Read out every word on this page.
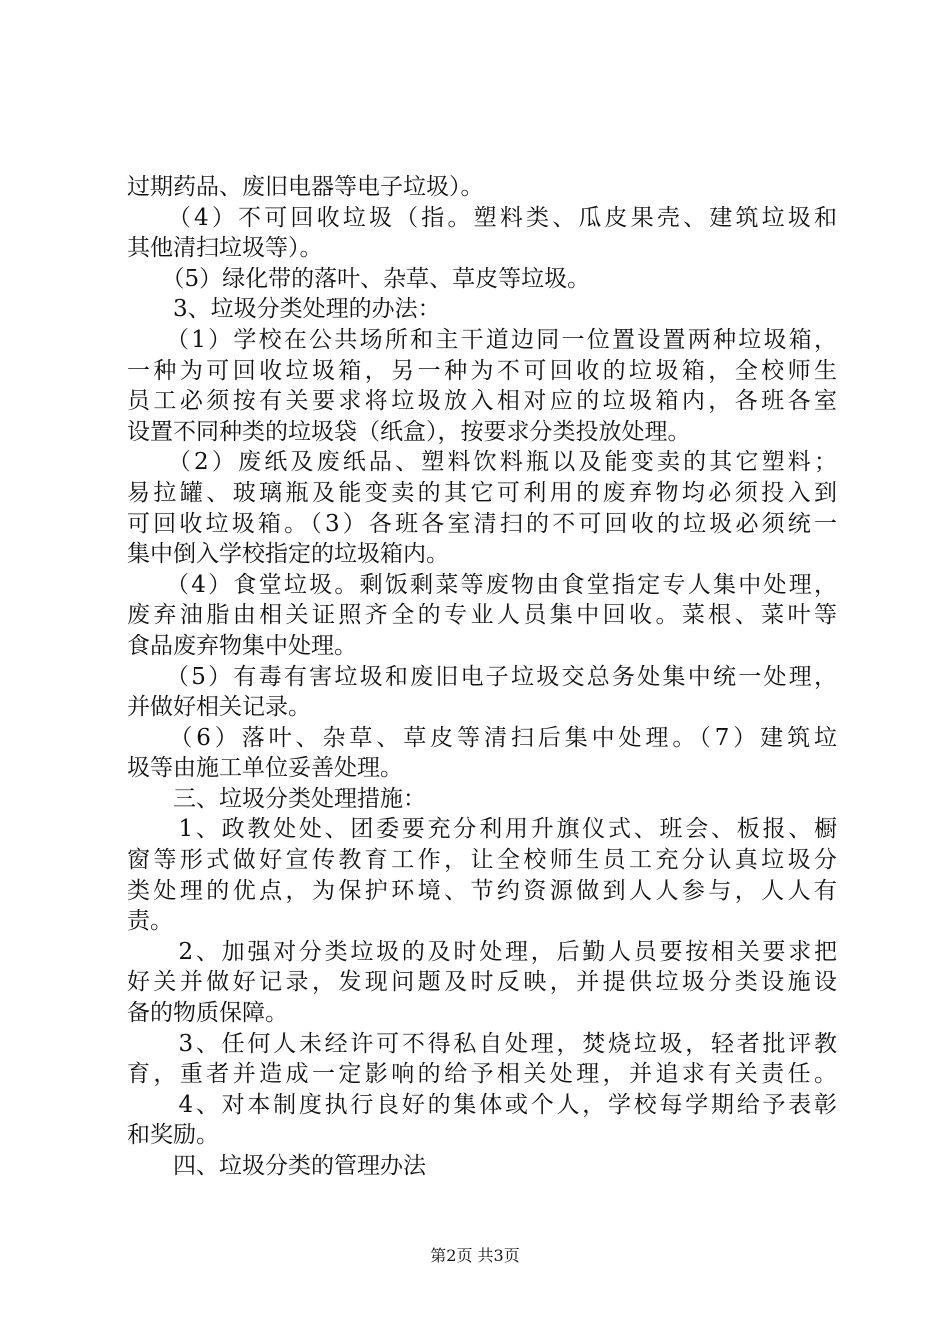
过期药品、废旧电器等电子垃圾）。
　　（4）不可回收垃圾（指。塑料类、瓜皮果壳、建筑垃圾和
其他清扫垃圾等）。
　　（5）绿化带的落叶、杂草、草皮等垃圾。
　　3、垃圾分类处理的办法：
　　（1）学校在公共场所和主干道边同一位置设置两种垃圾箱，
一种为可回收垃圾箱，另一种为不可回收的垃圾箱，全校师生
员工必须按有关要求将垃圾放入相对应的垃圾箱内，各班各室
设置不同种类的垃圾袋（纸盒），按要求分类投放处理。
　　（2）废纸及废纸品、塑料饮料瓶以及能变卖的其它塑料；
易拉罐、玻璃瓶及能变卖的其它可利用的废弃物均必须投入到
可回收垃圾箱。（3）各班各室清扫的不可回收的垃圾必须统一
集中倒入学校指定的垃圾箱内。
　　（4）食堂垃圾。剩饭剩菜等废物由食堂指定专人集中处理，
废弃油脂由相关证照齐全的专业人员集中回收。菜根、菜叶等
食品废弃物集中处理。
　　（5）有毒有害垃圾和废旧电子垃圾交总务处集中统一处理，
并做好相关记录。
　　（6）落叶、杂草、草皮等清扫后集中处理。（7）建筑垃
圾等由施工单位妥善处理。
　　三、垃圾分类处理措施：
　　1、政教处处、团委要充分利用升旗仪式、班会、板报、橱
窗等形式做好宣传教育工作，让全校师生员工充分认真垃圾分
类处理的优点，为保护环境、节约资源做到人人参与，人人有
责。
　　2、加强对分类垃圾的及时处理，后勤人员要按相关要求把
好关并做好记录，发现问题及时反映，并提供垃圾分类设施设
备的物质保障。
　　3、任何人未经许可不得私自处理，焚烧垃圾，轻者批评教
育，重者并造成一定影响的给予相关处理，并追求有关责任。
　　4、对本制度执行良好的集体或个人，学校每学期给予表彰
和奖励。
　　四、垃圾分类的管理办法
第2页 共3页
